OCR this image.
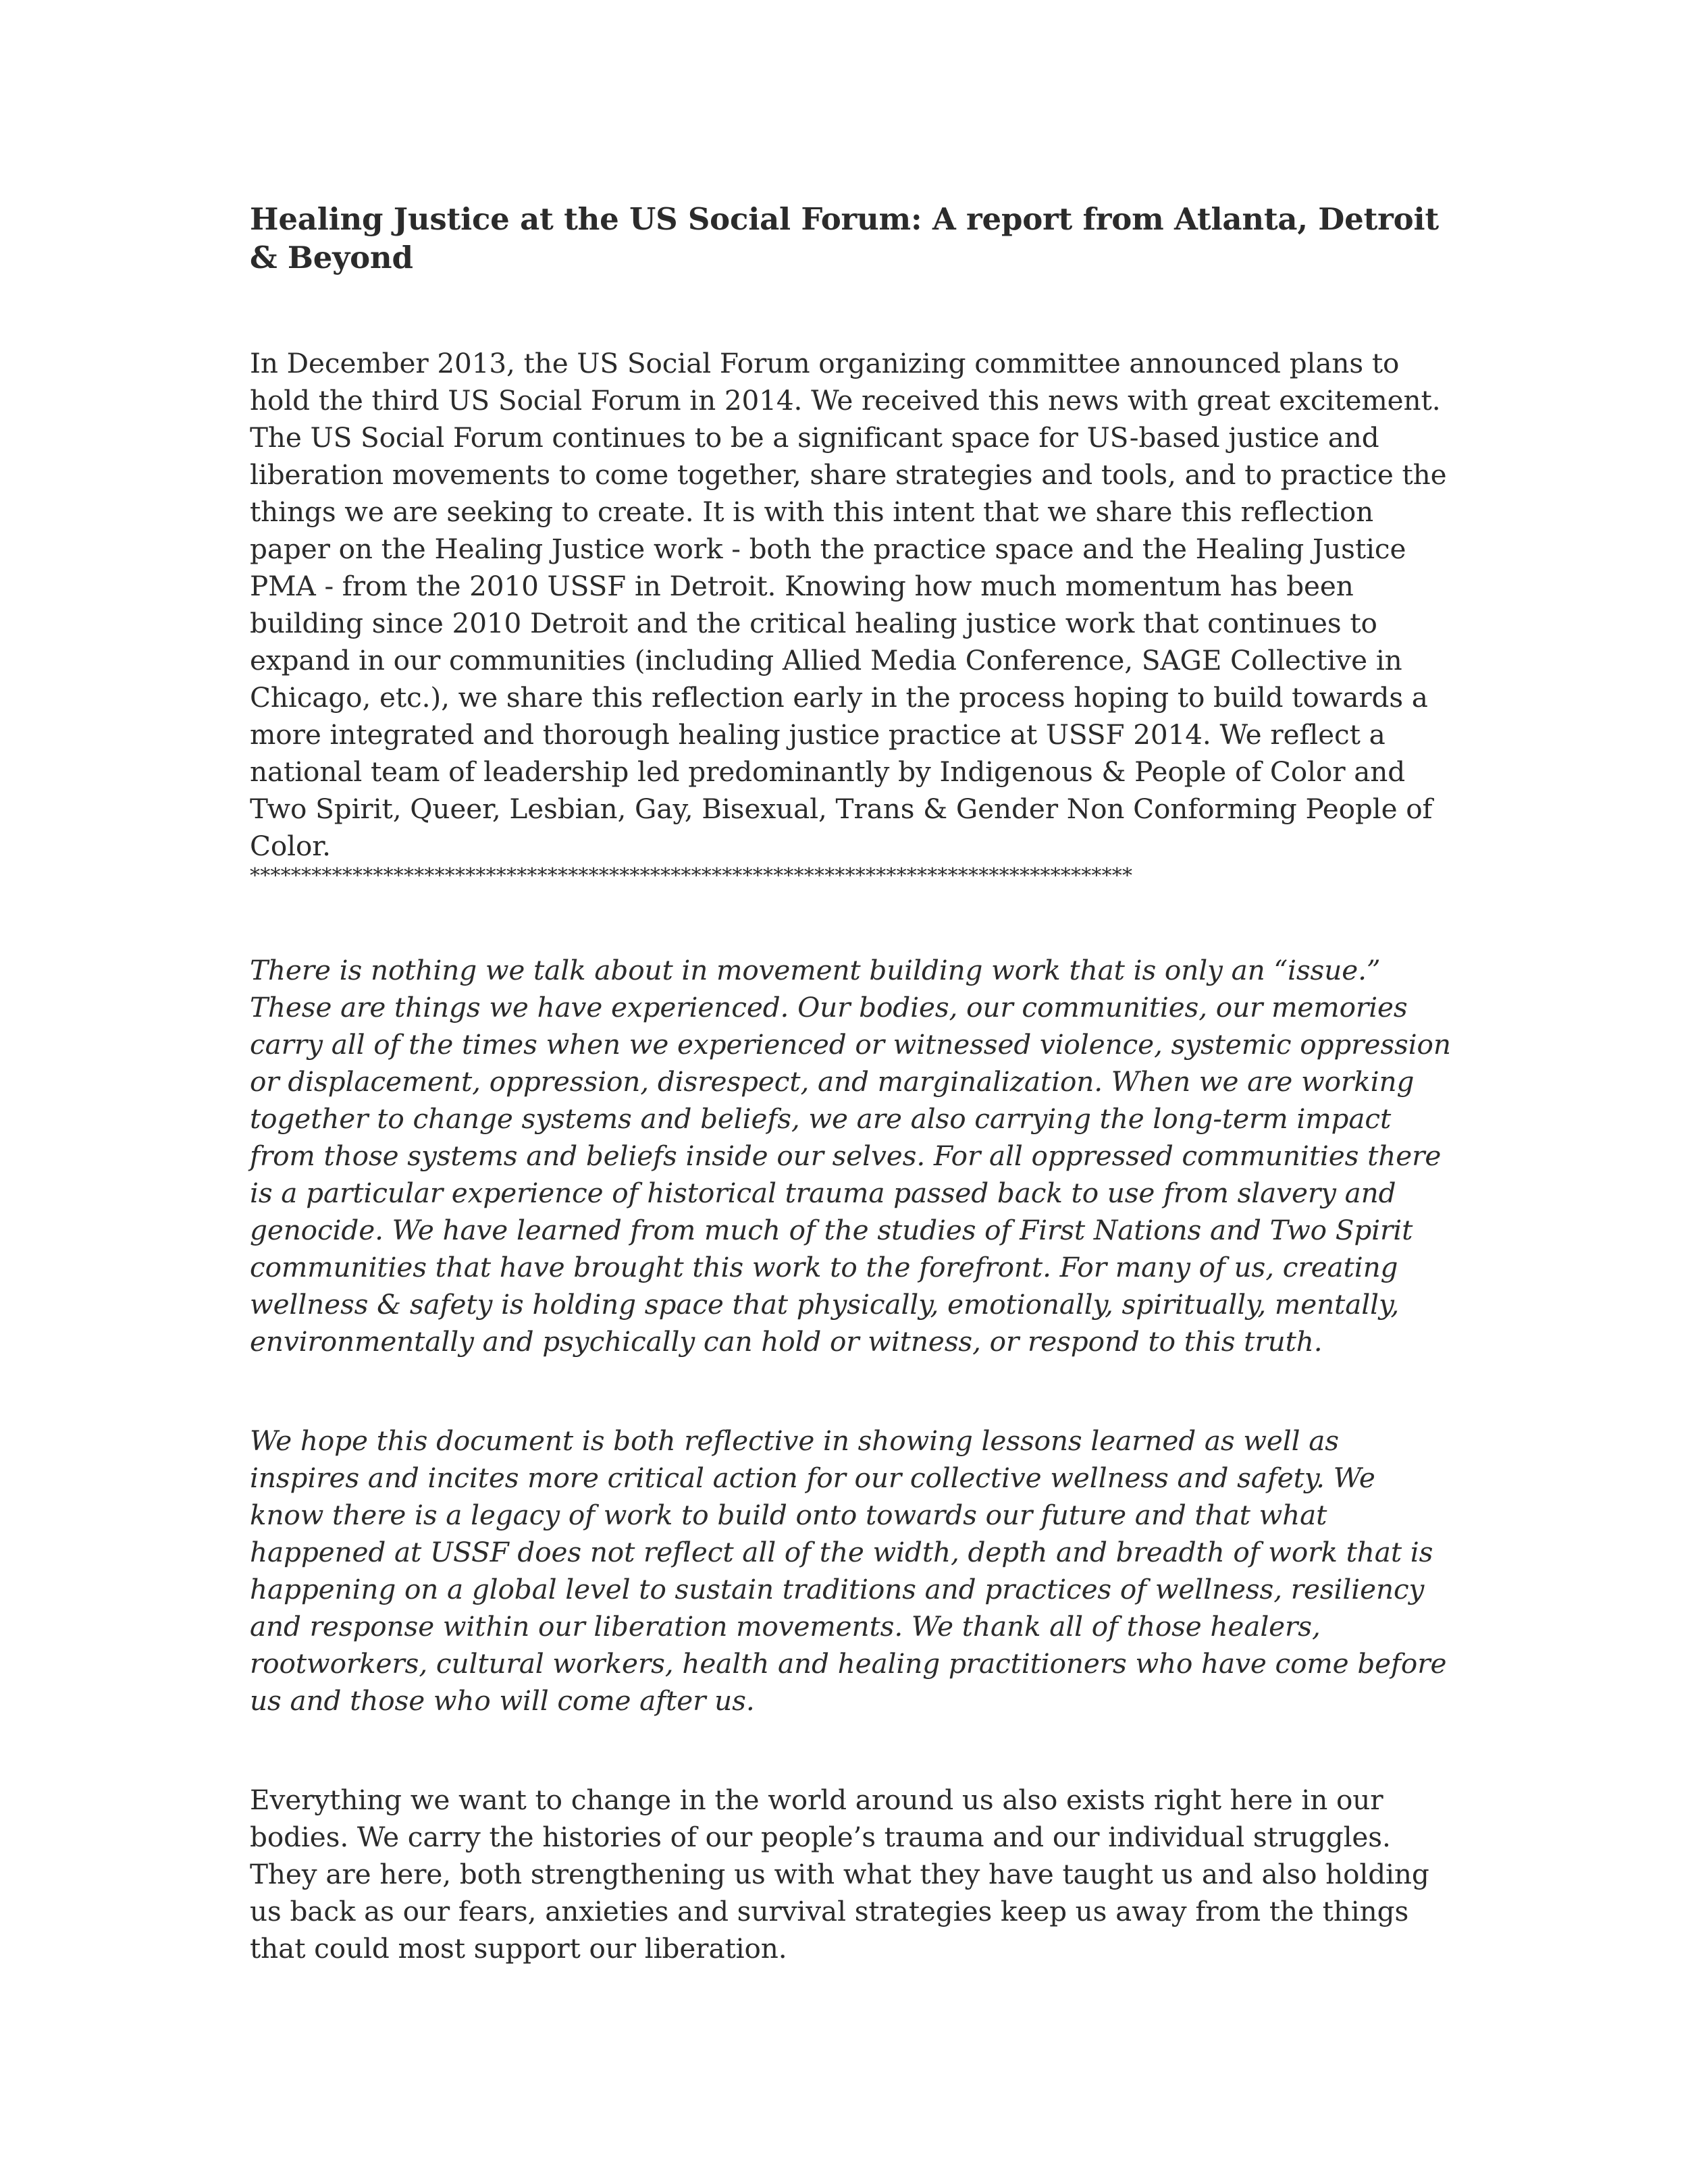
Healing Justice at the US Social Forum: A report from Atlanta, Detroit & Beyond

In December 2013, the US Social Forum organizing committee announced plans to hold the third US Social Forum in 2014. We received this news with great excitement. The US Social Forum continues to be a significant space for US-based justice and liberation movements to come together, share strategies and tools, and to practice the things we are seeking to create. It is with this intent that we share this reflection paper on the Healing Justice work - both the practice space and the Healing Justice PMA - from the 2010 USSF in Detroit. Knowing how much momentum has been building since 2010 Detroit and the critical healing justice work that continues to expand in our communities (including Allied Media Conference, SAGE Collective in Chicago, etc.), we share this reflection early in the process hoping to build towards a more integrated and thorough healing justice practice at USSF 2014. We reflect a national team of leadership led predominantly by Indigenous & People of Color and Two Spirit, Queer, Lesbian, Gay, Bisexual, Trans & Gender Non Conforming People of Color.

**************************************************************************************

There is nothing we talk about in movement building work that is only an “issue.” These are things we have experienced. Our bodies, our communities, our memories carry all of the times when we experienced or witnessed violence, systemic oppression or displacement, oppression, disrespect, and marginalization. When we are working together to change systems and beliefs, we are also carrying the long-term impact from those systems and beliefs inside our selves. For all oppressed communities there is a particular experience of historical trauma passed back to use from slavery and genocide. We have learned from much of the studies of First Nations and Two Spirit communities that have brought this work to the forefront. For many of us, creating wellness & safety is holding space that physically, emotionally, spiritually, mentally, environmentally and psychically can hold or witness, or respond to this truth.

We hope this document is both reflective in showing lessons learned as well as inspires and incites more critical action for our collective wellness and safety. We know there is a legacy of work to build onto towards our future and that what happened at USSF does not reflect all of the width, depth and breadth of work that is happening on a global level to sustain traditions and practices of wellness, resiliency and response within our liberation movements. We thank all of those healers, rootworkers, cultural workers, health and healing practitioners who have come before us and those who will come after us.

Everything we want to change in the world around us also exists right here in our bodies. We carry the histories of our people’s trauma and our individual struggles. They are here, both strengthening us with what they have taught us and also holding us back as our fears, anxieties and survival strategies keep us away from the things that could most support our liberation.
